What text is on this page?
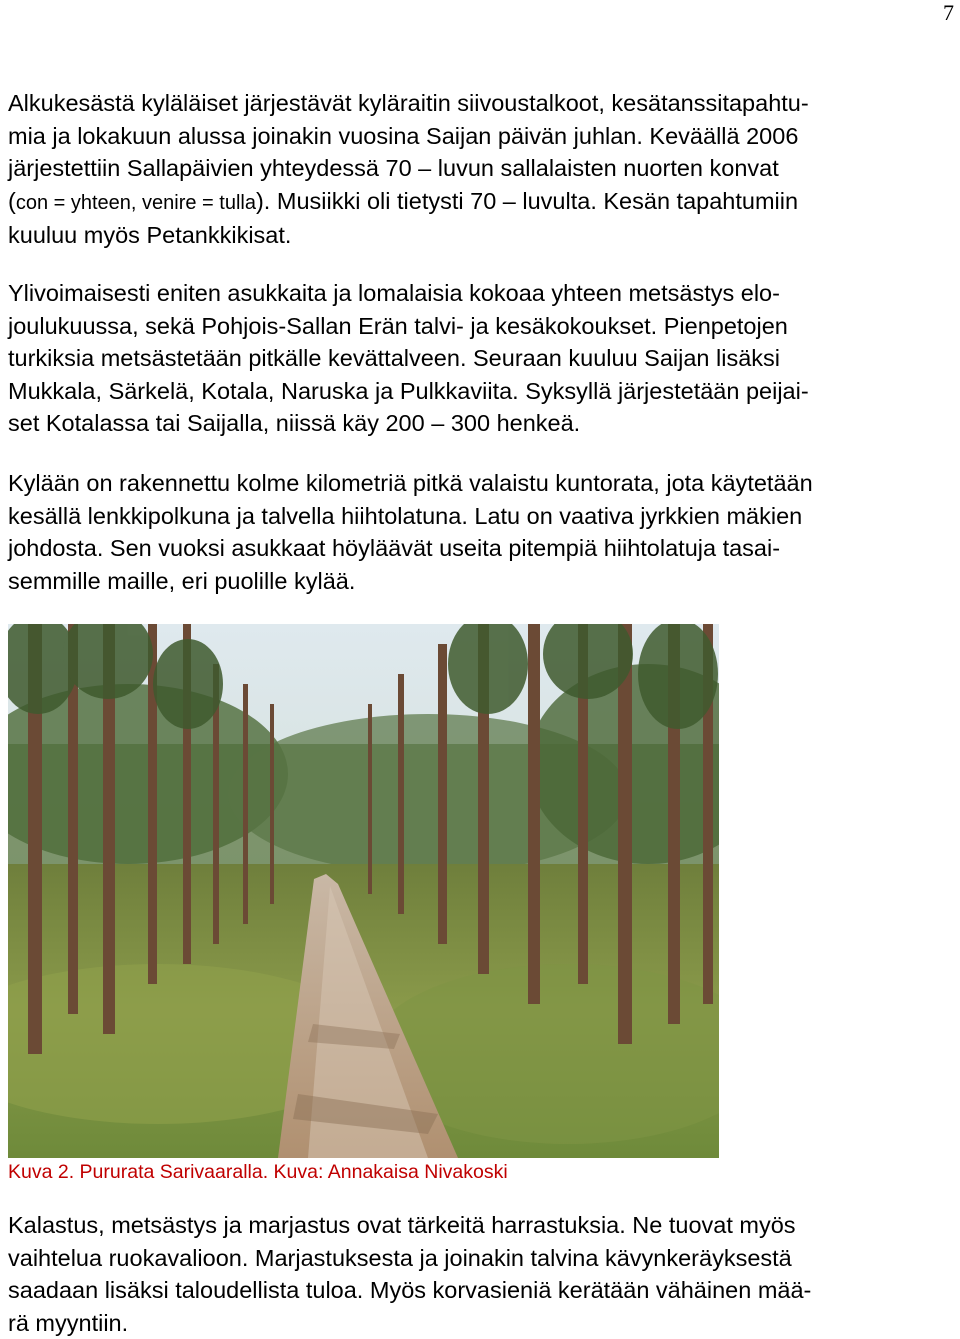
7

Alkukesästä kyläläiset järjestävät kyläraitin siivoustalkoot, kesätanssitapahtu-
mia ja lokakuun alussa joinakin vuosina Saijan päivän juhlan. Keväällä 2006
järjestettiin Sallapäivien yhteydessä 70 – luvun sallalaisten nuorten konvat
(con = yhteen, venire = tulla). Musiikki oli tietysti 70 – luvulta. Kesän tapahtumiin
kuuluu myös Petankkikisat.

Ylivoimaisesti eniten asukkaita ja lomalaisia kokoaa yhteen metsästys elo-
joulukuussa, sekä Pohjois-Sallan Erän talvi- ja kesäkokoukset. Pienpetojen
turkiksia metsästetään pitkälle kevättalveen. Seuraan kuuluu Saijan lisäksi
Mukkala, Särkelä, Kotala, Naruska ja Pulkkaviita. Syksyllä järjestetään peijai-
set Kotalassa tai Saijalla, niissä käy 200 – 300 henkeä.

Kylään on rakennettu kolme kilometriä pitkä valaistu kuntorata, jota käytetään
kesällä lenkkipolkuna ja talvella hiihtolatuna. Latu on vaativa jyrkkien mäkien
johdosta. Sen vuoksi asukkaat höyläävät useita pitempiä hiihtolatuja tasai-
semmille maille, eri puolille kylää.

Kuva 2. Pururata Sarivaaralla. Kuva: Annakaisa Nivakoski

Kalastus, metsästys ja marjastus ovat tärkeitä harrastuksia. Ne tuovat myös
vaihtelua ruokavalioon. Marjastuksesta ja joinakin talvina kävynkeräyksestä
saadaan lisäksi taloudellista tuloa. Myös korvasieniä kerätään vähäinen mää-
rä myyntiin.
